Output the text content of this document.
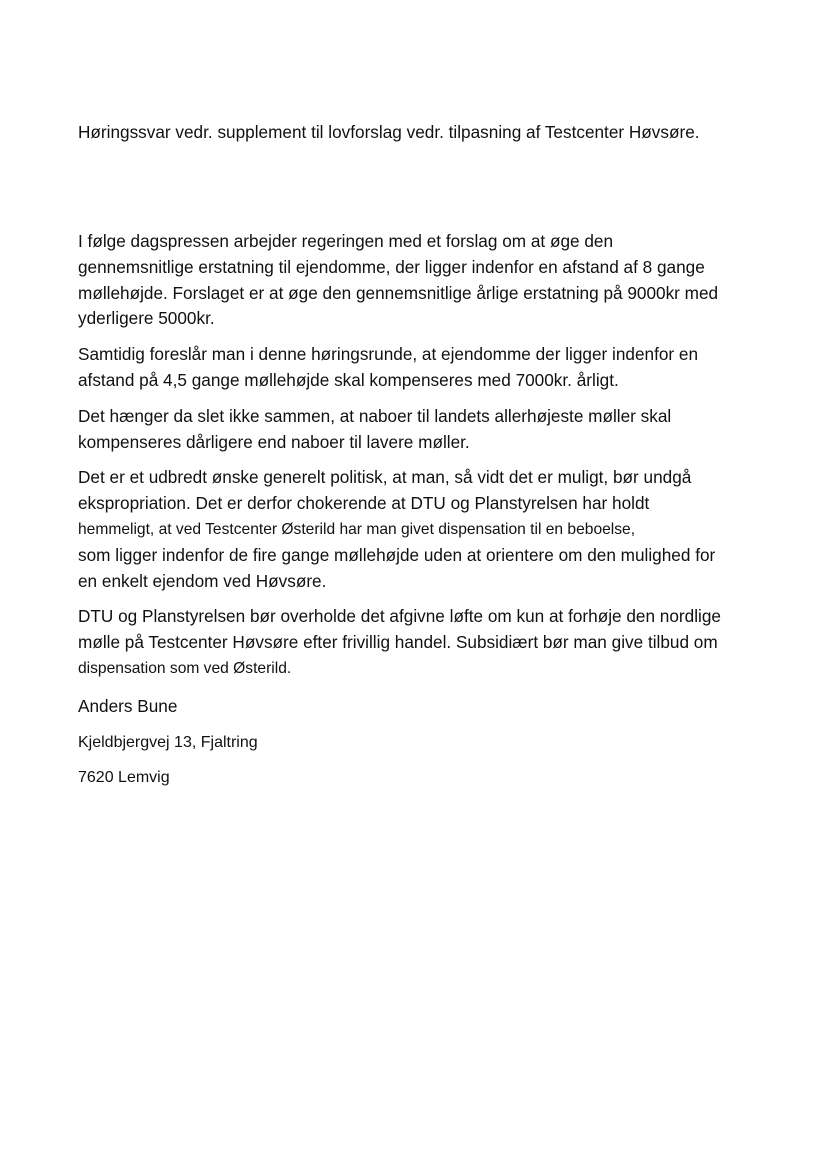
Høringssvar vedr. supplement til lovforslag vedr. tilpasning af Testcenter Høvsøre.

I følge dagspressen arbejder regeringen med et forslag om at øge den
gennemsnitlige erstatning til ejendomme, der ligger indenfor en afstand af 8 gange
møllehøjde. Forslaget er at øge den gennemsnitlige årlige erstatning på 9000kr med
yderligere 5000kr.

Samtidig foreslår man i denne høringsrunde, at ejendomme der ligger indenfor en
afstand på 4,5 gange møllehøjde skal kompenseres med 7000kr. årligt.

Det hænger da slet ikke sammen, at naboer til landets allerhøjeste møller skal
kompenseres dårligere end naboer til lavere møller.

Det er et udbredt ønske generelt politisk, at man, så vidt det er muligt, bør undgå
ekspropriation. Det er derfor chokerende at DTU og Planstyrelsen har holdt
hemmeligt, at ved Testcenter Østerild har man givet dispensation til en beboelse,
som ligger indenfor de fire gange møllehøjde uden at orientere om den mulighed for
en enkelt ejendom ved Høvsøre.

DTU og Planstyrelsen bør overholde det afgivne løfte om kun at forhøje den nordlige
mølle på Testcenter Høvsøre efter frivillig handel. Subsidiært bør man give tilbud om
dispensation som ved Østerild.

Anders Bune

Kjeldbjergvej 13, Fjaltring

7620 Lemvig
